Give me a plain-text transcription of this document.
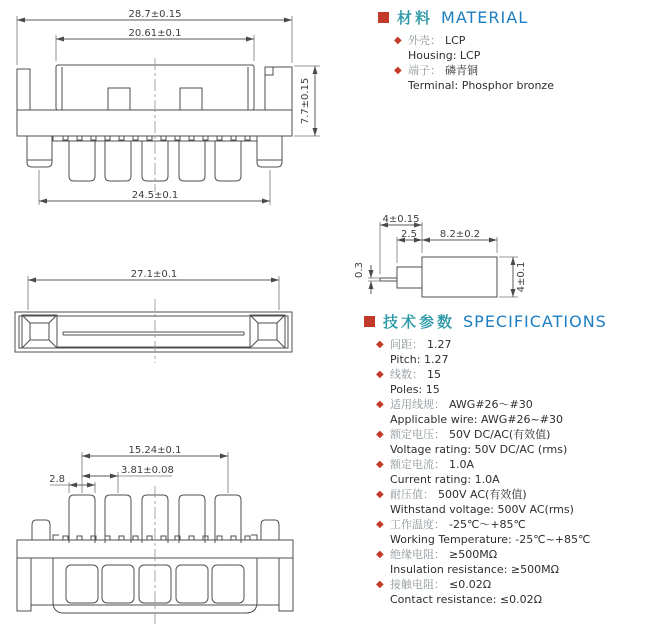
28.7±0.15
20.61±0.1
7.7±0.15
24.5±0.1
27.1±0.1
15.24±0.1
3.81±0.08
2.8
4±0.15
2.5 8.2±0.2
0.3	4±0.1
材料 MATERIAL
◆ 外壳： LCP
Housing: LCP
◆ 端子： 磷青铜
Terminal: Phosphor bronze
技术参数 SPECIFICATIONS
◆ 间距： 1.27
Pitch: 1.27
◆ 线数： 15
Poles: 15
◆ 适用线规： AWG#26～#30
Applicable wire: AWG#26~#30
◆ 额定电压： 50V DC/AC(有效值)
Voltage rating: 50V DC/AC (rms)
◆ 额定电流： 1.0A
Current rating: 1.0A
◆ 耐压值： 500V AC(有效值)
Withstand voltage: 500V AC(rms)
◆ 工作温度： -25℃～+85℃
Working Temperature: -25℃~+85℃
◆ 绝缘电阻： ≥500MΩ
Insulation resistance: ≥500MΩ
◆ 接触电阻： ≤0.02Ω
Contact resistance: ≤0.02Ω
